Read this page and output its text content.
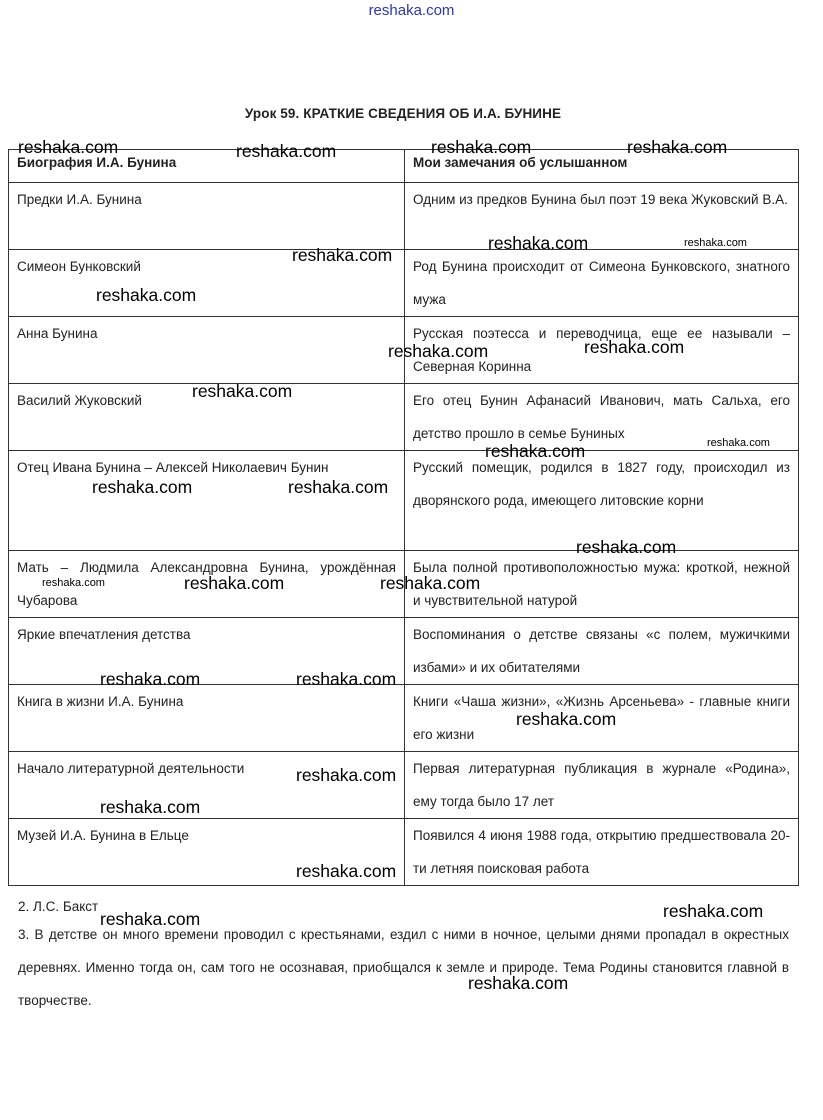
reshaka.com
Урок 59. КРАТКИЕ СВЕДЕНИЯ ОБ И.А. БУНИНЕ
Биография И.А. Бунина	Мои замечания об услышанном
Предки И.А. Бунина	Одним из предков Бунина был поэт 19 века Жуковский В.А.
Симеон Бунковский	Род Бунина происходит от Симеона Бунковского, знатного мужа
Анна Бунина	Русская поэтесса и переводчица, еще ее называли – Северная Коринна
Василий Жуковский	Его отец Бунин Афанасий Иванович, мать Сальха, его детство прошло в семье Буниных
Отец Ивана Бунина – Алексей Николаевич Бунин	Русский помещик, родился в 1827 году, происходил из дворянского рода, имеющего литовские корни
Мать – Людмила Александровна Бунина, урождённая Чубарова	Была полной противоположностью мужа: кроткой, нежной и чувствительной натурой
Яркие впечатления детства	Воспоминания о детстве связаны «с полем, мужичкими избами» и их обитателями
Книга в жизни И.А. Бунина	Книги «Чаша жизни», «Жизнь Арсеньева» - главные книги его жизни
Начало литературной деятельности	Первая литературная публикация в журнале «Родина», ему тогда было 17 лет
Музей И.А. Бунина в Ельце	Появился 4 июня 1988 года, открытию предшествовала 20-ти летняя поисковая работа
2. Л.С. Бакст
3. В детстве он много времени проводил с крестьянами, ездил с ними в ночное, целыми днями пропадал в окрестных деревнях. Именно тогда он, сам того не осознавая, приобщался к земле и природе. Тема Родины становится главной в творчестве.
reshaka.com	reshaka.com	reshaka.com	reshaka.com
reshaka.com	reshaka.com
reshaka.com
reshaka.com
reshaka.com	reshaka.com
reshaka.com
reshaka.com
reshaka.com
reshaka.com	reshaka.com
reshaka.com
reshaka.com	reshaka.com	reshaka.com
reshaka.com	reshaka.com
reshaka.com
reshaka.com
reshaka.com
reshaka.com
reshaka.com
reshaka.com
reshaka.com
